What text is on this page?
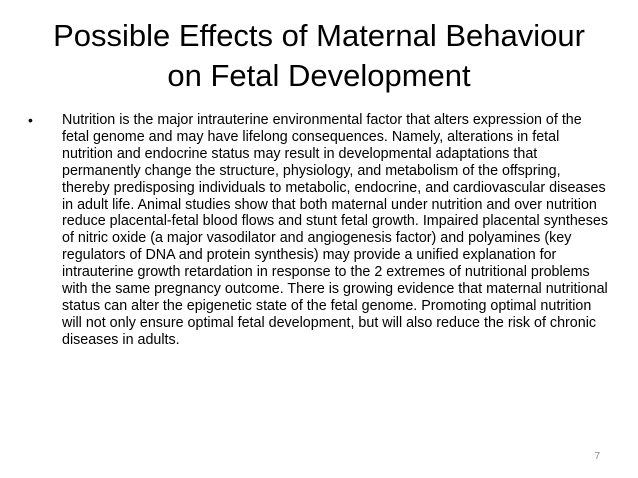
Possible Effects of Maternal Behaviour
on Fetal Development
• Nutrition is the major intrauterine environmental factor that alters expression of the fetal genome and may have lifelong consequences. Namely, alterations in fetal nutrition and endocrine status may result in developmental adaptations that permanently change the structure, physiology, and metabolism of the offspring, thereby predisposing individuals to metabolic, endocrine, and cardiovascular diseases in adult life. Animal studies show that both maternal under nutrition and over nutrition reduce placental-fetal blood flows and stunt fetal growth. Impaired placental syntheses of nitric oxide (a major vasodilator and angiogenesis factor) and polyamines (key regulators of DNA and protein synthesis) may provide a unified explanation for intrauterine growth retardation in response to the 2 extremes of nutritional problems with the same pregnancy outcome. There is growing evidence that maternal nutritional status can alter the epigenetic state of the fetal genome. Promoting optimal nutrition will not only ensure optimal fetal development, but will also reduce the risk of chronic diseases in adults.
7
